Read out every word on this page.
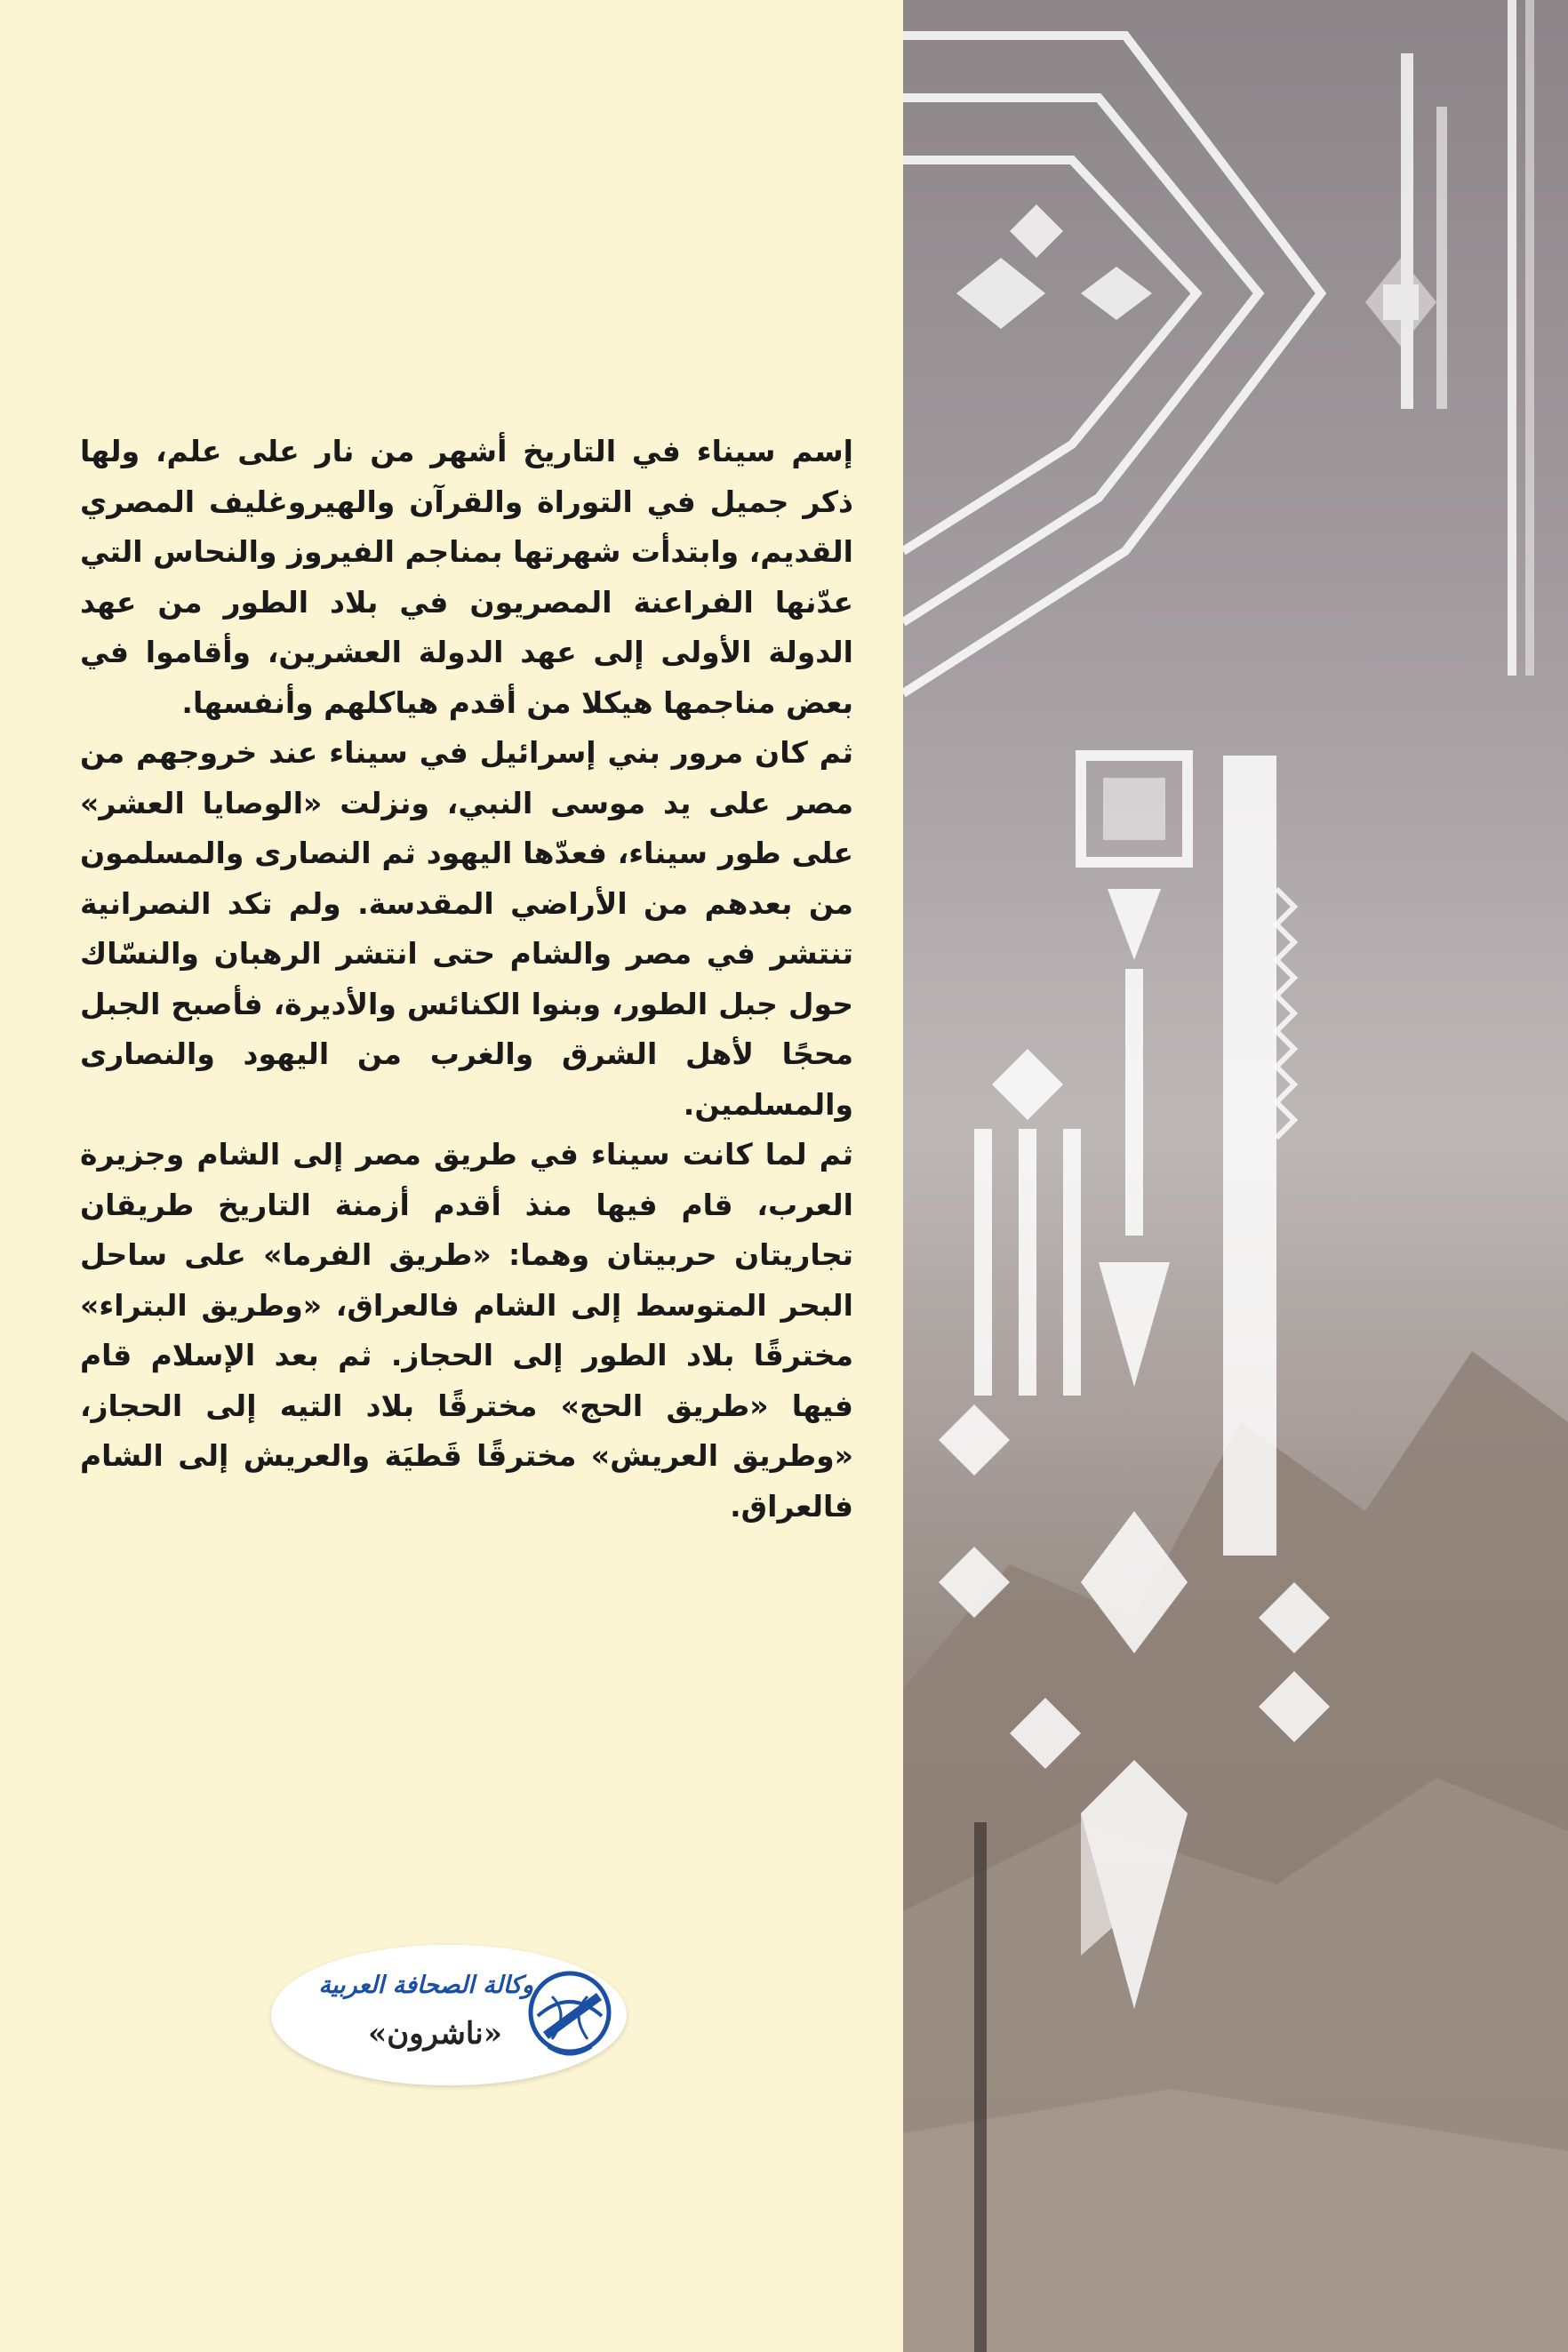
إسم سيناء في التاريخ أشهر من نار على علم، ولها ذكر جميل في التوراة والقرآن والهيروغليف المصري القديم، وابتدأت شهرتها بمناجم الفيروز والنحاس التي عدّنها الفراعنة المصريون في بلاد الطور من عهد الدولة الأولى إلى عهد الدولة العشرين، وأقاموا في بعض مناجمها هيكلا من أقدم هياكلهم وأنفسها.

ثم كان مرور بني إسرائيل في سيناء عند خروجهم من مصر على يد موسى النبي، ونزلت «الوصايا العشر» على طور سيناء، فعدّها اليهود ثم النصارى والمسلمون من بعدهم من الأراضي المقدسة. ولم تكد النصرانية تنتشر في مصر والشام حتى انتشر الرهبان والنسّاك حول جبل الطور، وبنوا الكنائس والأديرة، فأصبح الجبل محجًا لأهل الشرق والغرب من اليهود والنصارى والمسلمين.

ثم لما كانت سيناء في طريق مصر إلى الشام وجزيرة العرب، قام فيها منذ أقدم أزمنة التاريخ طريقان تجاريتان حربيتان وهما: «طريق الفرما» على ساحل البحر المتوسط إلى الشام فالعراق، «وطريق البتراء» مخترقًا بلاد الطور إلى الحجاز. ثم بعد الإسلام قام فيها «طريق الحج» مخترقًا بلاد التيه إلى الحجاز، «وطريق العريش» مخترقًا قَطيَة والعريش إلى الشام فالعراق.

وكالة الصحافة العربية
«ناشرون»
